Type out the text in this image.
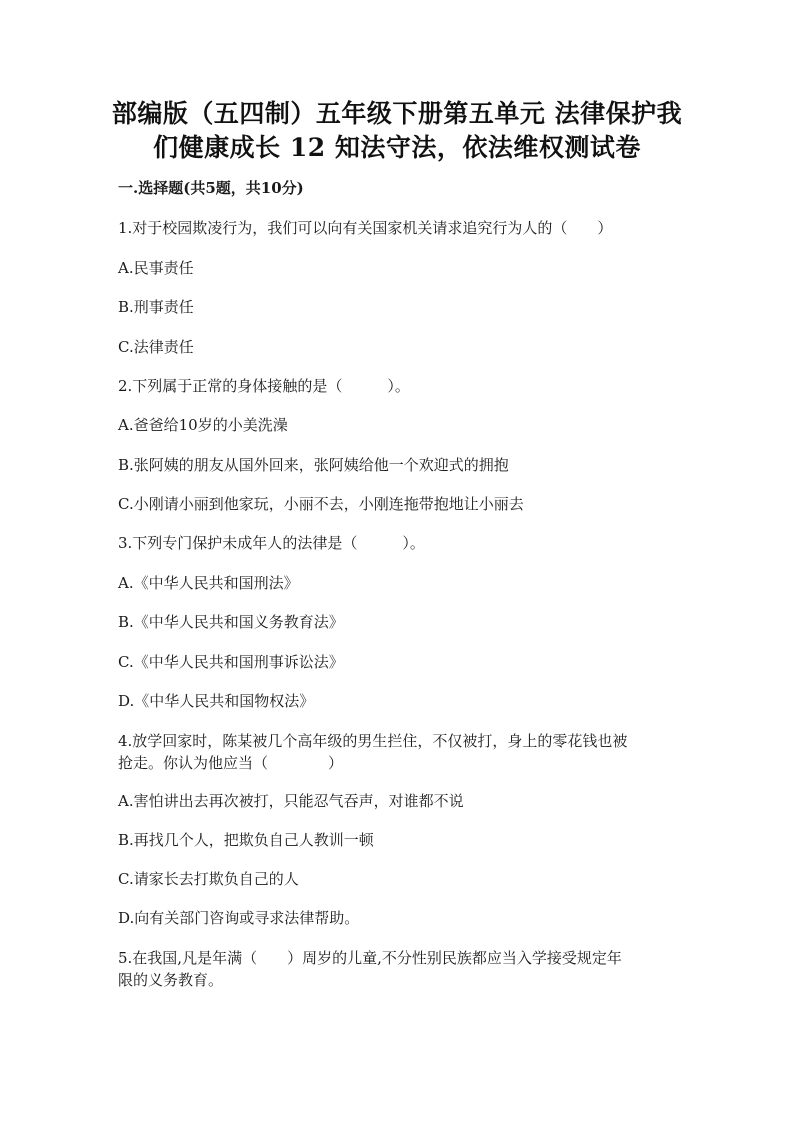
部编版（五四制）五年级下册第五单元 法律保护我
们健康成长 12 知法守法，依法维权测试卷
一.选择题(共5题，共10分)
1.对于校园欺凌行为，我们可以向有关国家机关请求追究行为人的（　　）
A.民事责任
B.刑事责任
C.法律责任
2.下列属于正常的身体接触的是（　　　）。
A.爸爸给10岁的小美洗澡
B.张阿姨的朋友从国外回来，张阿姨给他一个欢迎式的拥抱
C.小刚请小丽到他家玩，小丽不去，小刚连拖带抱地让小丽去
3.下列专门保护未成年人的法律是（　　　）。
A.《中华人民共和国刑法》
B.《中华人民共和国义务教育法》
C.《中华人民共和国刑事诉讼法》
D.《中华人民共和国物权法》
4.放学回家时，陈某被几个高年级的男生拦住，不仅被打，身上的零花钱也被
抢走。你认为他应当（　　　　）
A.害怕讲出去再次被打，只能忍气吞声，对谁都不说
B.再找几个人，把欺负自己人教训一顿
C.请家长去打欺负自己的人
D.向有关部门咨询或寻求法律帮助。
5.在我国,凡是年满（　　）周岁的儿童,不分性别民族都应当入学接受规定年
限的义务教育。
